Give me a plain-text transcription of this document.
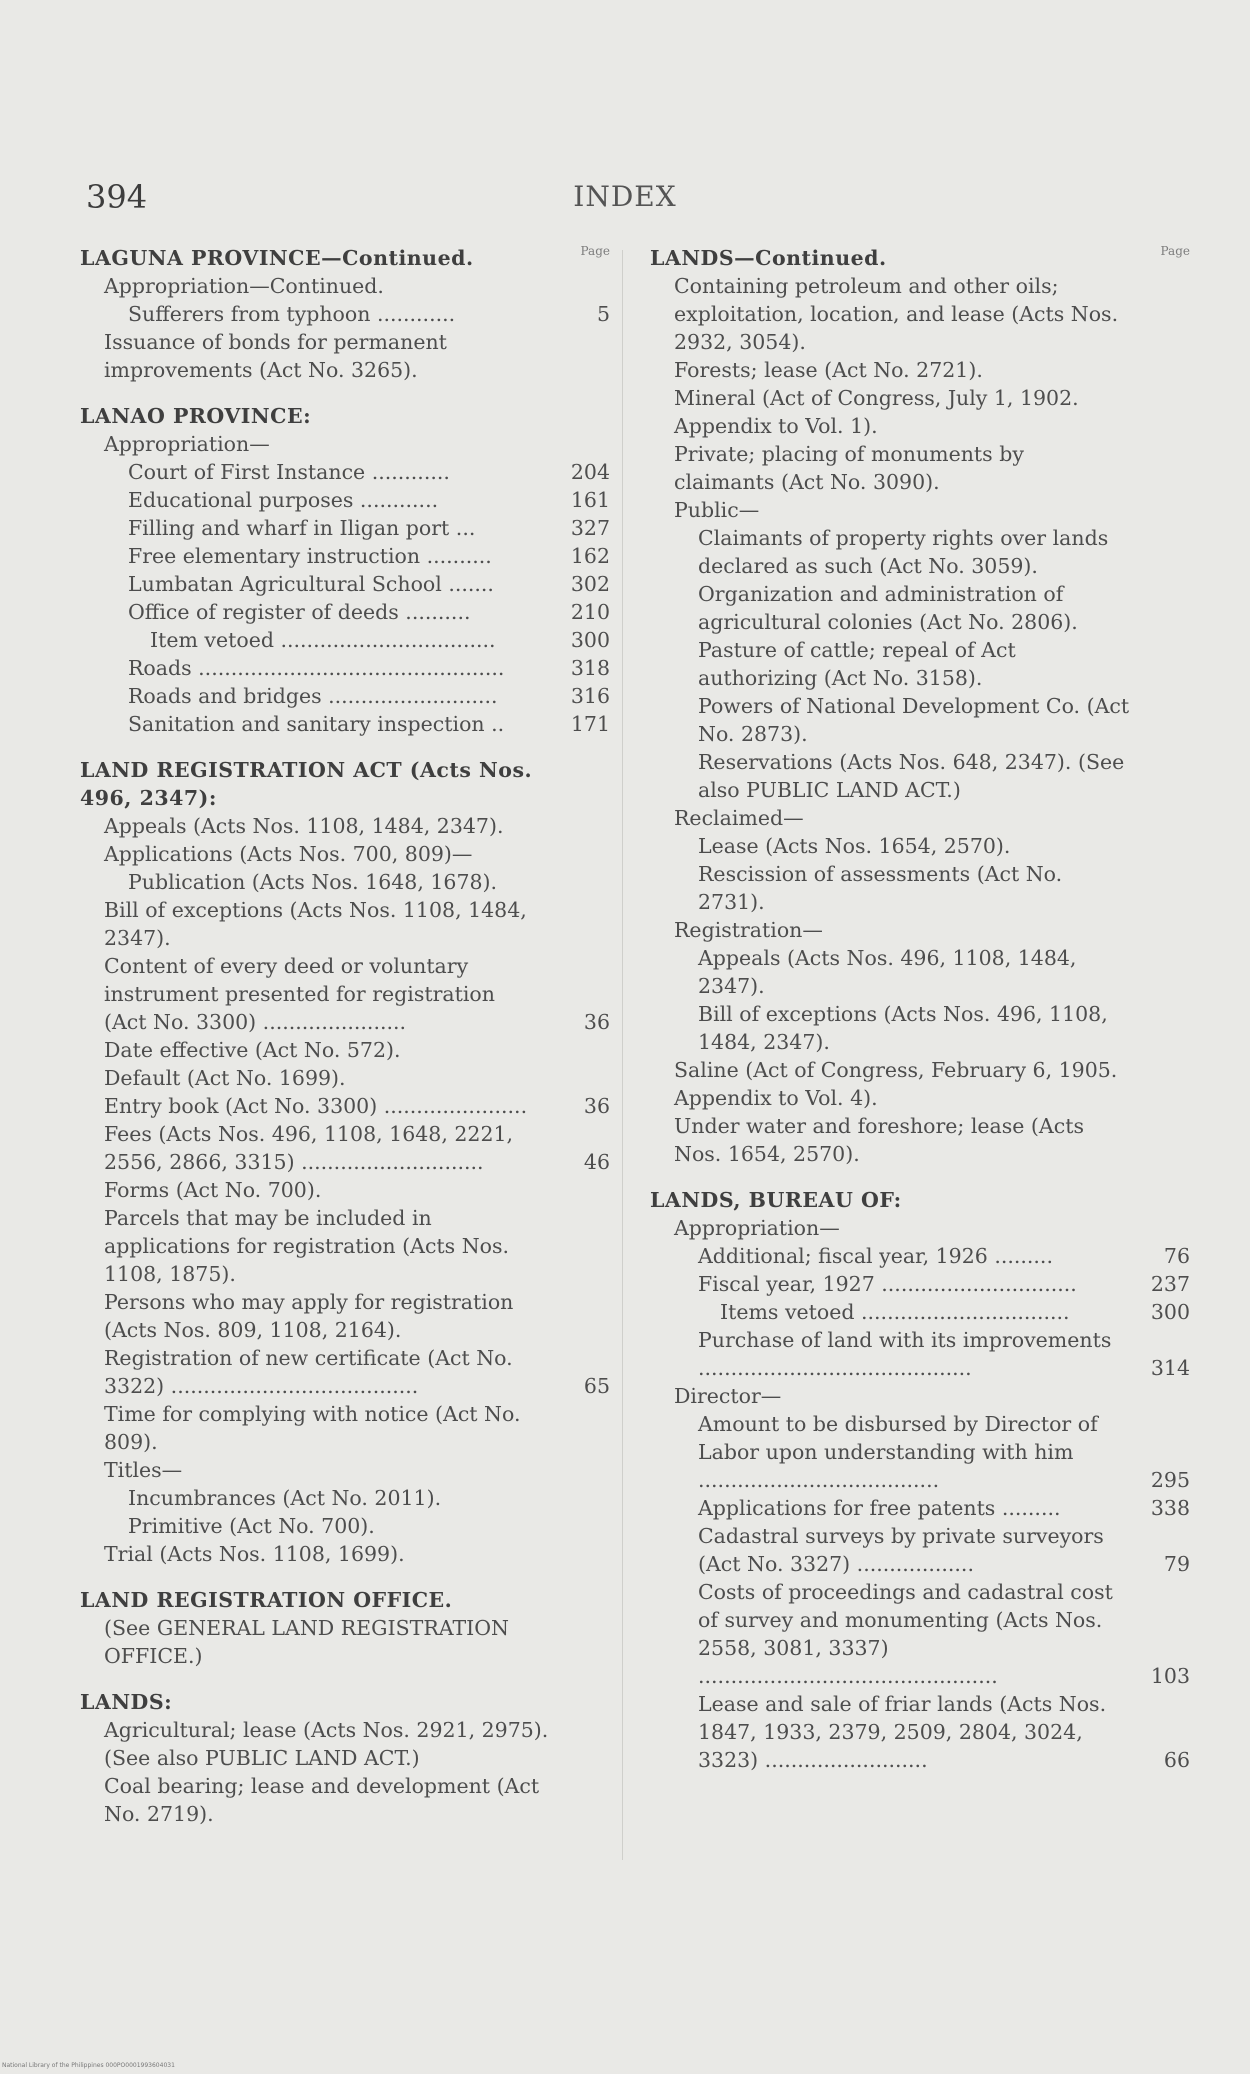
394	INDEX
Page
LAGUNA PROVINCE—Continued.
Appropriation—Continued.
Sufferers from typhoon ............	5
Issuance of bonds for permanent improvements (Act No. 3265).
LANAO PROVINCE:
Appropriation—
Court of First Instance ............	204
Educational purposes ............	161
Filling and wharf in Iligan port ...	327
Free elementary instruction ..........	162
Lumbatan Agricultural School .......	302
Office of register of deeds ..........	210
Item vetoed .................................	300
Roads ...............................................	318
Roads and bridges ..........................	316
Sanitation and sanitary inspection ..	171
LAND REGISTRATION ACT (Acts Nos. 496, 2347):
Appeals (Acts Nos. 1108, 1484, 2347).
Applications (Acts Nos. 700, 809)—
Publication (Acts Nos. 1648, 1678).
Bill of exceptions (Acts Nos. 1108, 1484, 2347).
Content of every deed or voluntary instrument presented for registration (Act No. 3300) ......................	36
Date effective (Act No. 572).
Default (Act No. 1699).
Entry book (Act No. 3300) ......................	36
Fees (Acts Nos. 496, 1108, 1648, 2221, 2556, 2866, 3315) ............................	46
Forms (Act No. 700).
Parcels that may be included in applications for registration (Acts Nos. 1108, 1875).
Persons who may apply for registration (Acts Nos. 809, 1108, 2164).
Registration of new certificate (Act No. 3322) ......................................	65
Time for complying with notice (Act No. 809).
Titles—
Incumbrances (Act No. 2011).
Primitive (Act No. 700).
Trial (Acts Nos. 1108, 1699).
LAND REGISTRATION OFFICE.
(See GENERAL LAND REGISTRATION OFFICE.)
LANDS:
Agricultural; lease (Acts Nos. 2921, 2975). (See also PUBLIC LAND ACT.)
Coal bearing; lease and development (Act No. 2719).
Page
LANDS—Continued.
Containing petroleum and other oils; exploitation, location, and lease (Acts Nos. 2932, 3054).
Forests; lease (Act No. 2721).
Mineral (Act of Congress, July 1, 1902. Appendix to Vol. 1).
Private; placing of monuments by claimants (Act No. 3090).
Public—
Claimants of property rights over lands declared as such (Act No. 3059).
Organization and administration of agricultural colonies (Act No. 2806).
Pasture of cattle; repeal of Act authorizing (Act No. 3158).
Powers of National Development Co. (Act No. 2873).
Reservations (Acts Nos. 648, 2347). (See also PUBLIC LAND ACT.)
Reclaimed—
Lease (Acts Nos. 1654, 2570).
Rescission of assessments (Act No. 2731).
Registration—
Appeals (Acts Nos. 496, 1108, 1484, 2347).
Bill of exceptions (Acts Nos. 496, 1108, 1484, 2347).
Saline (Act of Congress, February 6, 1905. Appendix to Vol. 4).
Under water and foreshore; lease (Acts Nos. 1654, 2570).
LANDS, BUREAU OF:
Appropriation—
Additional; fiscal year, 1926 .........	76
Fiscal year, 1927 ..............................	237
Items vetoed ................................	300
Purchase of land with its improvements ..........................................	314
Director—
Amount to be disbursed by Director of Labor upon understanding with him .....................................	295
Applications for free patents .........	338
Cadastral surveys by private surveyors (Act No. 3327) ..................	79
Costs of proceedings and cadastral cost of survey and monumenting (Acts Nos. 2558, 3081, 3337) ..............................................	103
Lease and sale of friar lands (Acts Nos. 1847, 1933, 2379, 2509, 2804, 3024, 3323) .........................	66
National Library of the Philippines 000PO0001993604031
